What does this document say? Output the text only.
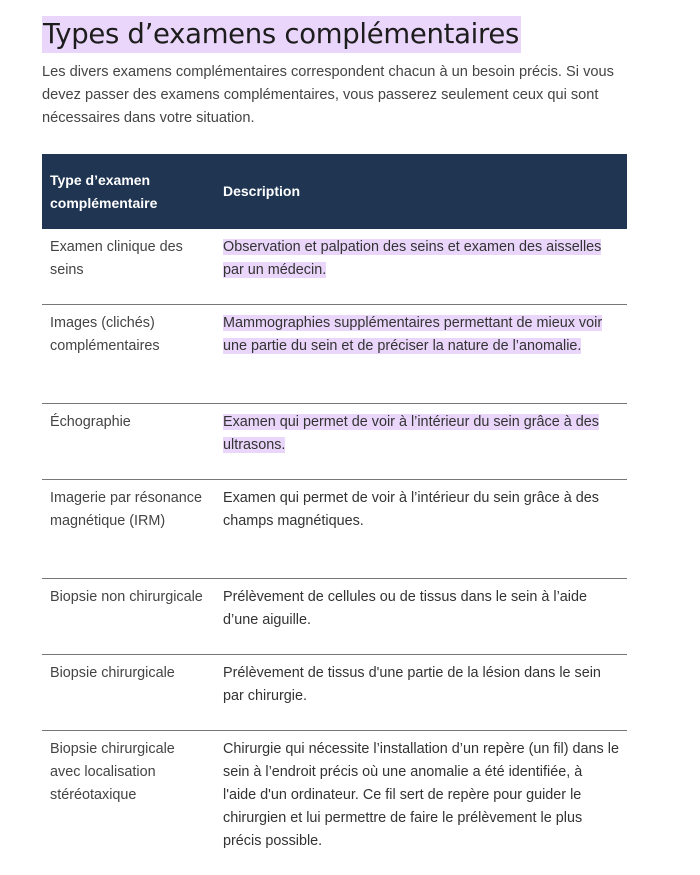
Types d’examens complémentaires

Les divers examens complémentaires correspondent chacun à un besoin précis. Si vous devez passer des examens complémentaires, vous passerez seulement ceux qui sont nécessaires dans votre situation.

Type d’examen complémentaire	Description
Examen clinique des seins	Observation et palpation des seins et examen des aisselles par un médecin.
Images (clichés) complémentaires	Mammographies supplémentaires permettant de mieux voir une partie du sein et de préciser la nature de l’anomalie.
Échographie	Examen qui permet de voir à l’intérieur du sein grâce à des ultrasons.
Imagerie par résonance magnétique (IRM)	Examen qui permet de voir à l’intérieur du sein grâce à des champs magnétiques.
Biopsie non chirurgicale	Prélèvement de cellules ou de tissus dans le sein à l’aide d’une aiguille.
Biopsie chirurgicale	Prélèvement de tissus d'une partie de la lésion dans le sein par chirurgie.
Biopsie chirurgicale avec localisation stéréotaxique	Chirurgie qui nécessite l’installation d’un repère (un fil) dans le sein à l’endroit précis où une anomalie a été identifiée, à l'aide d'un ordinateur. Ce fil sert de repère pour guider le chirurgien et lui permettre de faire le prélèvement le plus précis possible.
